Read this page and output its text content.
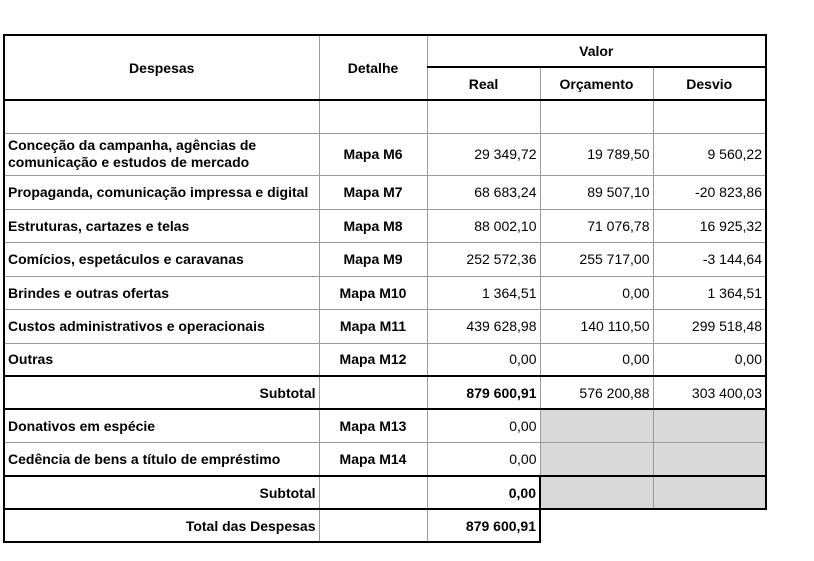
Despesas	Detalhe	Valor		
		Real	Orçamento	Desvio

Conceção da campanha, agências de comunicação e estudos de mercado	Mapa M6	29 349,72	19 789,50	9 560,22
Propaganda, comunicação impressa e digital	Mapa M7	68 683,24	89 507,10	-20 823,86
Estruturas, cartazes e telas	Mapa M8	88 002,10	71 076,78	16 925,32
Comícios, espetáculos e caravanas	Mapa M9	252 572,36	255 717,00	-3 144,64
Brindes e outras ofertas	Mapa M10	1 364,51	0,00	1 364,51
Custos administrativos e operacionais	Mapa M11	439 628,98	140 110,50	299 518,48
Outras	Mapa M12	0,00	0,00	0,00
Subtotal		879 600,91	576 200,88	303 400,03
Donativos em espécie	Mapa M13	0,00		
Cedência de bens a título de empréstimo	Mapa M14	0,00		
Subtotal		0,00		
Total das Despesas		879 600,91		
